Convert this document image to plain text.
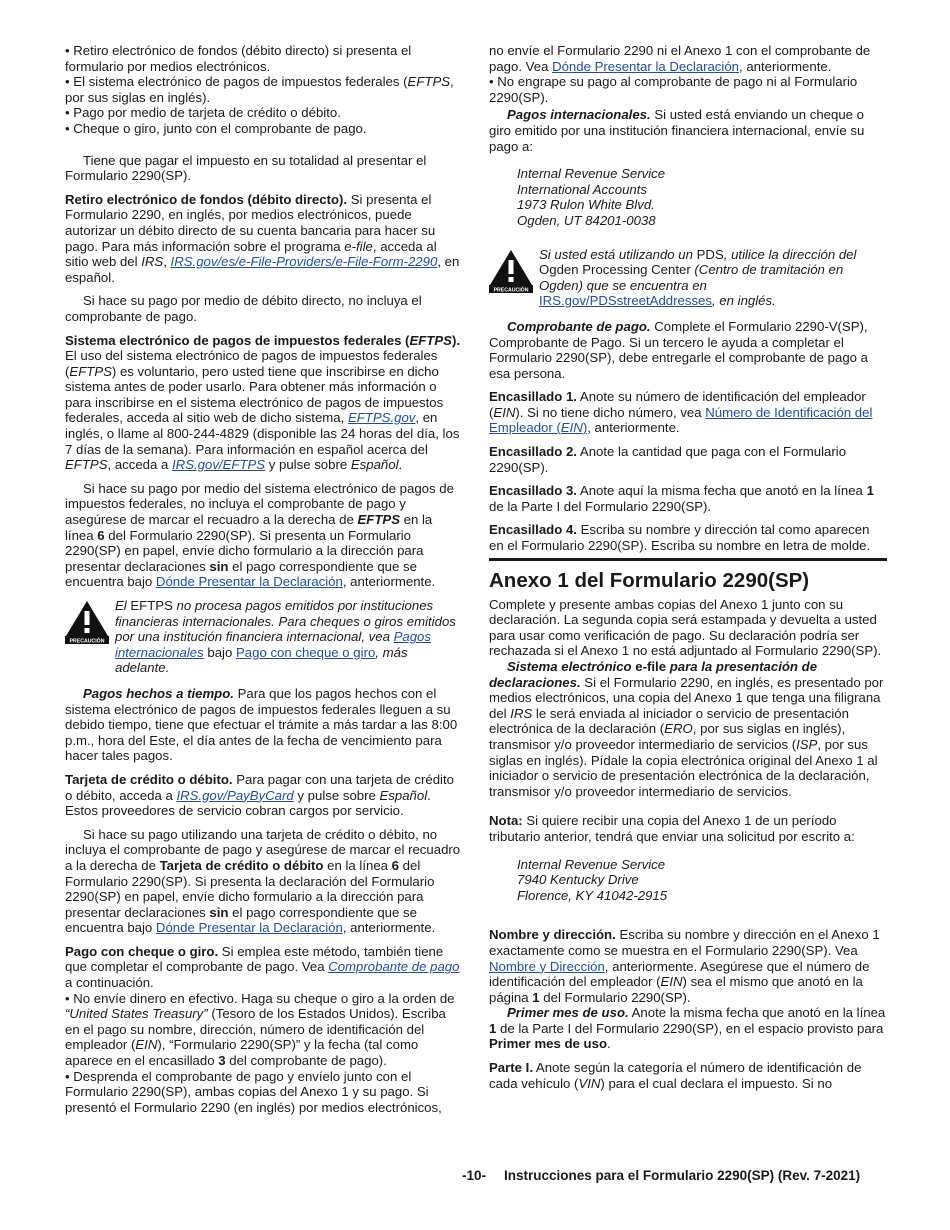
• Retiro electrónico de fondos (débito directo) si presenta el formulario por medios electrónicos.

• El sistema electrónico de pagos de impuestos federales (EFTPS, por sus siglas en inglés).

• Pago por medio de tarjeta de crédito o débito.

• Cheque o giro, junto con el comprobante de pago.

Tiene que pagar el impuesto en su totalidad al presentar el Formulario 2290(SP).

Retiro electrónico de fondos (débito directo). Si presenta el Formulario 2290, en inglés, por medios electrónicos, puede autorizar un débito directo de su cuenta bancaria para hacer su pago. Para más información sobre el programa e-file, acceda al sitio web del IRS, IRS.gov/es/e-File-Providers/e-File-Form-2290, en español.

Si hace su pago por medio de débito directo, no incluya el comprobante de pago.

Sistema electrónico de pagos de impuestos federales (EFTPS). El uso del sistema electrónico de pagos de impuestos federales (EFTPS) es voluntario, pero usted tiene que inscribirse en dicho sistema antes de poder usarlo. Para obtener más información o para inscribirse en el sistema electrónico de pagos de impuestos federales, acceda al sitio web de dicho sistema, EFTPS.gov, en inglés, o llame al 800-244-4829 (disponible las 24 horas del día, los 7 días de la semana). Para información en español acerca del EFTPS, acceda a IRS.gov/EFTPS y pulse sobre Español.

Si hace su pago por medio del sistema electrónico de pagos de impuestos federales, no incluya el comprobante de pago y asegúrese de marcar el recuadro a la derecha de EFTPS en la línea 6 del Formulario 2290(SP). Si presenta un Formulario 2290(SP) en papel, envíe dicho formulario a la dirección para presentar declaraciones sin el pago correspondiente que se encuentra bajo Dónde Presentar la Declaración, anteriormente.

PRECAUCIÓN
El EFTPS no procesa pagos emitidos por instituciones financieras internacionales. Para cheques o giros emitidos por una institución financiera internacional, vea Pagos internacionales bajo Pago con cheque o giro, más adelante.

Pagos hechos a tiempo. Para que los pagos hechos con el sistema electrónico de pagos de impuestos federales lleguen a su debido tiempo, tiene que efectuar el trámite a más tardar a las 8:00 p.m., hora del Este, el día antes de la fecha de vencimiento para hacer tales pagos.

Tarjeta de crédito o débito. Para pagar con una tarjeta de crédito o débito, acceda a IRS.gov/PayByCard y pulse sobre Español. Estos proveedores de servicio cobran cargos por servicio.

Si hace su pago utilizando una tarjeta de crédito o débito, no incluya el comprobante de pago y asegúrese de marcar el recuadro a la derecha de Tarjeta de crédito o débito en la línea 6 del Formulario 2290(SP). Si presenta la declaración del Formulario 2290(SP) en papel, envíe dicho formulario a la dirección para presentar declaraciones sin el pago correspondiente que se encuentra bajo Dónde Presentar la Declaración, anteriormente.

Pago con cheque o giro. Si emplea este método, también tiene que completar el comprobante de pago. Vea Comprobante de pago a continuación.

• No envíe dinero en efectivo. Haga su cheque o giro a la orden de “United States Treasury” (Tesoro de los Estados Unidos). Escriba en el pago su nombre, dirección, número de identificación del empleador (EIN), “Formulario 2290(SP)” y la fecha (tal como aparece en el encasillado 3 del comprobante de pago).

• Desprenda el comprobante de pago y envíelo junto con el Formulario 2290(SP), ambas copias del Anexo 1 y su pago. Si presentó el Formulario 2290 (en inglés) por medios electrónicos,

no envíe el Formulario 2290 ni el Anexo 1 con el comprobante de pago. Vea Dónde Presentar la Declaración, anteriormente.

• No engrape su pago al comprobante de pago ni al Formulario 2290(SP).

Pagos internacionales. Si usted está enviando un cheque o giro emitido por una institución financiera internacional, envíe su pago a:

Internal Revenue Service
International Accounts
1973 Rulon White Blvd.
Ogden, UT 84201-0038
PRECAUCIÓN
Si usted está utilizando un PDS, utilice la dirección del Ogden Processing Center (Centro de tramitación en Ogden) que se encuentra en IRS.gov/PDSstreetAddresses, en inglés.

Comprobante de pago. Complete el Formulario 2290-V(SP), Comprobante de Pago. Si un tercero le ayuda a completar el Formulario 2290(SP), debe entregarle el comprobante de pago a esa persona.

Encasillado 1. Anote su número de identificación del empleador (EIN). Si no tiene dicho número, vea Número de Identificación del Empleador (EIN), anteriormente.

Encasillado 2. Anote la cantidad que paga con el Formulario 2290(SP).

Encasillado 3. Anote aquí la misma fecha que anotó en la línea 1 de la Parte I del Formulario 2290(SP).

Encasillado 4. Escriba su nombre y dirección tal como aparecen en el Formulario 2290(SP). Escriba su nombre en letra de molde.

Anexo 1 del Formulario 2290(SP)

Complete y presente ambas copias del Anexo 1 junto con su declaración. La segunda copia será estampada y devuelta a usted para usar como verificación de pago. Su declaración podría ser rechazada si el Anexo 1 no está adjuntado al Formulario 2290(SP).

Sistema electrónico e-file para la presentación de declaraciones. Si el Formulario 2290, en inglés, es presentado por medios electrónicos, una copia del Anexo 1 que tenga una filigrana del IRS le será enviada al iniciador o servicio de presentación electrónica de la declaración (ERO, por sus siglas en inglés), transmisor y/o proveedor intermediario de servicios (ISP, por sus siglas en inglés). Pídale la copia electrónica original del Anexo 1 al iniciador o servicio de presentación electrónica de la declaración, transmisor y/o proveedor intermediario de servicios.

Nota: Si quiere recibir una copia del Anexo 1 de un período tributario anterior, tendrá que enviar una solicitud por escrito a:

Internal Revenue Service
7940 Kentucky Drive
Florence, KY 41042-2915

Nombre y dirección. Escriba su nombre y dirección en el Anexo 1 exactamente como se muestra en el Formulario 2290(SP). Vea Nombre y Dirección, anteriormente. Asegúrese que el número de identificación del empleador (EIN) sea el mismo que anotó en la página 1 del Formulario 2290(SP).

Primer mes de uso. Anote la misma fecha que anotó en la línea 1 de la Parte I del Formulario 2290(SP), en el espacio provisto para Primer mes de uso.

Parte I. Anote según la categoría el número de identificación de cada vehículo (VIN) para el cual declara el impuesto. Si no

-10- Instrucciones para el Formulario 2290(SP) (Rev. 7-2021)
